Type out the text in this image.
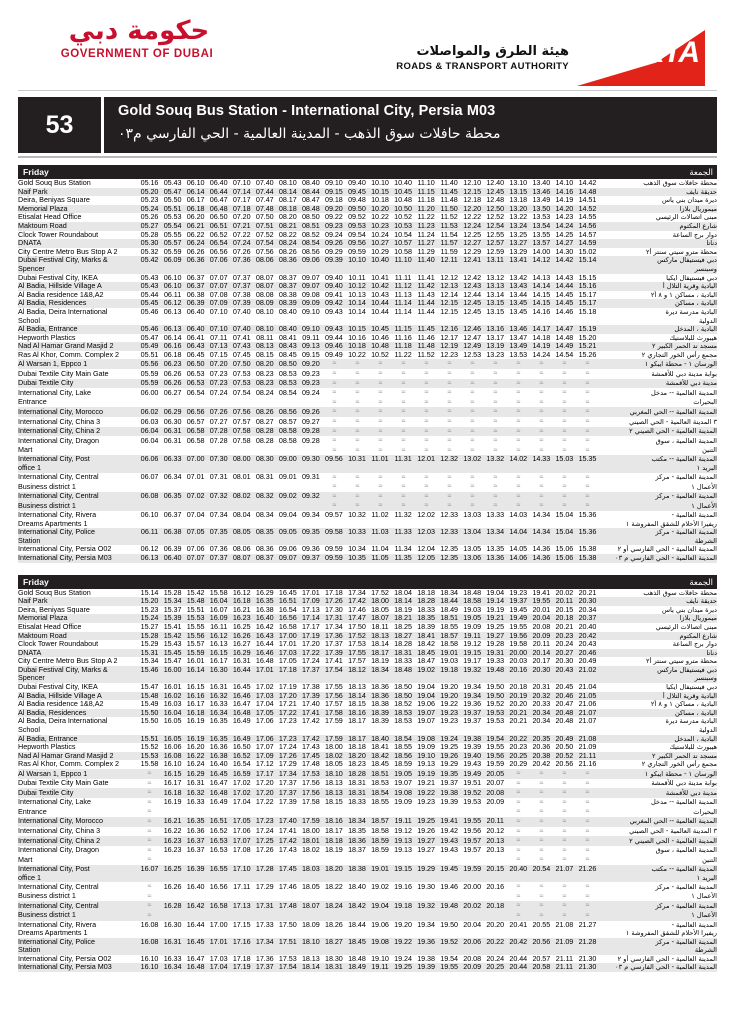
حكومة دبي
GOVERNMENT OF DUBAI	هيئة الطرق والمواصلات
ROADS & TRANSPORT AUTHORITY RTA
53	Gold Souq Bus Station - International City, Persia M03
محطة حافلات سوق الذهب - المدينة العالمية - الحي الفارسي م٠٣
Friday	الجمعة
Gold Souq Bus Station	05.16	05.43	06.10	06.40	07.10	07.40	08.10	08.40	09.10	09.40	10.10	10.40	11.10	11.40	12.10	12.40	13.10	13.40	14.10	14.42	محطة حافلات سوق الذهب
Naif Park	05.20	05.47	06.14	06.44	07.14	07.44	08.14	08.44	09.15	09.45	10.15	10.45	11.15	11.45	12.15	12.45	13.15	13.46	14.16	14.48	حديقة نايف
Deira, Beniyas Square	05.23	05.50	06.17	06.47	07.17	07.47	08.17	08.47	09.18	09.48	10.18	10.48	11.18	11.48	12.18	12.48	13.18	13.49	14.19	14.51	ديرة ميدان بني ياس
Memorial Plaza	05.24	05.51	06.18	06.48	07.18	07.48	08.18	08.48	09.20	09.50	10.20	10.50	11.20	11.50	12.20	12.50	13.20	13.50	14.20	14.52	ميموريال بلازا
Etisalat Head Office	05.26	05.53	06.20	06.50	07.20	07.50	08.20	08.50	09.22	09.52	10.22	10.52	11.22	11.52	12.22	12.52	13.22	13.53	14.23	14.55	مبنى اتصالات الرئيسي
Maktoum Road	05.27	05.54	06.21	06.51	07.21	07.51	08.21	08.51	09.23	09.53	10.23	10.53	11.23	11.53	12.24	12.54	13.24	13.54	14.24	14.56	شارع المكتوم
Clock Tower Roundabout	05.28	05.55	06.22	06.52	07.22	07.52	08.22	08.52	09.24	09.54	10.24	10.54	11.24	11.54	12.25	12.55	13.25	13.55	14.25	14.57	دوار برج الساعة
DNATA	05.30	05.57	06.24	06.54	07.24	07.54	08.24	08.54	09.26	09.56	10.27	10.57	11.27	11.57	12.27	12.57	13.27	13.57	14.27	14.59	دناتا
City Centre Metro Bus Stop A 2	05.32	05.59	06.26	06.56	07.26	07.56	08.26	08.56	09.29	09.59	10.29	10.58	11.29	11.59	12.29	12.59	13.29	14.00	14.30	15.02	محطة مترو سيتي سنتر أ٢
Dubai Festival City, Marks &	05.42	06.09	06.36	07.06	07.36	08.06	08.36	09.06	09.39	10.10	10.40	11.10	11.40	12.11	12.41	13.11	13.41	14.12	14.42	15.14	دبي فيستيفال ماركس
Spencer																					وسبنسر
Dubai Festival City, IKEA	05.43	06.10	06.37	07.07	07.37	08.07	08.37	09.07	09.40	10.11	10.41	11.11	11.41	12.12	12.42	13.12	13.42	14.13	14.43	15.15	دبي فيستيفال ايكيا
Al Badia, Hillside Village A	05.43	06.10	06.37	07.07	07.37	08.07	08.37	09.07	09.40	10.12	10.42	11.12	11.42	12.13	12.43	13.13	13.43	14.14	14.44	15.16	البادية وقرية التلال أ
Al Badia residence 1&8,A2	05.44	06.11	06.38	07.08	07.38	08.08	08.38	09.08	09.41	10.13	10.43	11.13	11.43	12.14	12.44	13.14	13.44	14.15	14.45	15.17	البادية ، مساكن ١ و ٨ أ٢
Al Badia, Residences	05.45	06.12	06.39	07.09	07.39	08.09	08.39	09.09	09.42	10.14	10.44	11.14	11.44	12.15	12.45	13.15	13.45	14.15	14.45	15.17	البادية ، مساكن
Al Badia, Deira International	05.46	06.13	06.40	07.10	07.40	08.10	08.40	09.10	09.43	10.14	10.44	11.14	11.44	12.15	12.45	13.15	13.45	14.16	14.46	15.18	البادية مدرسة ديرة
School																					الدولية
Al Badia, Entrance	05.46	06.13	06.40	07.10	07.40	08.10	08.40	09.10	09.43	10.15	10.45	11.15	11.45	12.16	12.46	13.16	13.46	14.17	14.47	15.19	البادية ، المدخل
Hepworth Plastics	05.47	06.14	06.41	07.11	07.41	08.11	08.41	09.11	09.44	10.16	10.46	11.16	11.46	12.17	12.47	13.17	13.47	14.18	14.48	15.20	هيبورث للبلاستيك
Nad Al Hamar Grand Masjid 2	05.49	06.16	06.43	07.13	07.43	08.13	08.43	09.13	09.46	10.18	10.48	11.18	11.48	12.19	12.49	13.19	13.49	14.19	14.49	15.21	مسجد ند الحمر الكبير ٢
Ras Al Khor, Comm. Complex 2	05.51	06.18	06.45	07.15	07.45	08.15	08.45	09.15	09.49	10.22	10.52	11.22	11.52	12.23	12.53	13.23	13.53	14.24	14.54	15.26	مجمع رأس الخور التجاري ٢
Al Warsan 1, Eppco 1	05.56	06.23	06.50	07.20	07.50	08.20	08.50	09.20	≈≈	≈≈	≈≈	≈≈	≈≈	≈≈	≈≈	≈≈	≈≈	≈≈	≈≈	≈≈	الورسان ١ - محطة ايبكو ١
Dubai Textile City Main Gate	05.59	06.26	06.53	07.23	07.53	08.23	08.53	09.23	≈≈	≈≈	≈≈	≈≈	≈≈	≈≈	≈≈	≈≈	≈≈	≈≈	≈≈	≈≈	بوابة مدينة دبي للأقمشة
Dubai Textile City	05.59	06.26	06.53	07.23	07.53	08.23	08.53	09.23	≈≈	≈≈	≈≈	≈≈	≈≈	≈≈	≈≈	≈≈	≈≈	≈≈	≈≈	≈≈	مدينة دبي للأقمشة
International City, Lake	06.00	06.27	06.54	07.24	07.54	08.24	08.54	09.24	≈≈	≈≈	≈≈	≈≈	≈≈	≈≈	≈≈	≈≈	≈≈	≈≈	≈≈	≈≈	المدينة العالمية -- مدخل
Entrance									≈≈	≈≈	≈≈	≈≈	≈≈	≈≈	≈≈	≈≈	≈≈	≈≈	≈≈	≈≈	البحيرات
International City, Morocco	06.02	06.29	06.56	07.26	07.56	08.26	08.56	09.26	≈≈	≈≈	≈≈	≈≈	≈≈	≈≈	≈≈	≈≈	≈≈	≈≈	≈≈	≈≈	المدينة العالمية -- الحي المغربي
International City, China 3	06.03	06.30	06.57	07.27	07.57	08.27	08.57	09.27	≈≈	≈≈	≈≈	≈≈	≈≈	≈≈	≈≈	≈≈	≈≈	≈≈	≈≈	≈≈	٣ المدينة العالمية - الحي الصيني
International City, China 2	06.04	06.31	06.58	07.28	07.58	08.28	08.58	09.28	≈≈	≈≈	≈≈	≈≈	≈≈	≈≈	≈≈	≈≈	≈≈	≈≈	≈≈	≈≈	المدينة العالمية - الحي الصيني ٢
International City, Dragon	06.04	06.31	06.58	07.28	07.58	08.28	08.58	09.28	≈≈	≈≈	≈≈	≈≈	≈≈	≈≈	≈≈	≈≈	≈≈	≈≈	≈≈	≈≈	المدينة العالمية ، سوق
Mart									≈≈	≈≈	≈≈	≈≈	≈≈	≈≈	≈≈	≈≈	≈≈	≈≈	≈≈	≈≈	التنين
International City, Post	06.06	06.33	07.00	07.30	08.00	08.30	09.00	09.30	09.56	10.31	11.01	11.31	12.01	12.32	13.02	13.32	14.02	14.33	15.03	15.35	المدينة العالمية -- مكتب
office 1																					البريد ١
International City, Central	06.07	06.34	07.01	07.31	08.01	08.31	09.01	09.31	≈≈	≈≈	≈≈	≈≈	≈≈	≈≈	≈≈	≈≈	≈≈	≈≈	≈≈	≈≈	المدينة العالمية - مركز
Business district 1									≈≈	≈≈	≈≈	≈≈	≈≈	≈≈	≈≈	≈≈	≈≈	≈≈	≈≈	≈≈	الأعمال ١
International City, Central	06.08	06.35	07.02	07.32	08.02	08.32	09.02	09.32	≈≈	≈≈	≈≈	≈≈	≈≈	≈≈	≈≈	≈≈	≈≈	≈≈	≈≈	≈≈	المدينة العالمية - مركز
Business district 1									≈≈	≈≈	≈≈	≈≈	≈≈	≈≈	≈≈	≈≈	≈≈	≈≈	≈≈	≈≈	الأعمال ١
International City, Rivera	06.10	06.37	07.04	07.34	08.04	08.34	09.04	09.34	09.57	10.32	11.02	11.32	12.02	12.33	13.03	13.33	14.03	14.34	15.04	15.36	المدينة العالمية -
Dreams Apartments 1																					ريفيرا الأحلام للشقق المفروشة ١
International City, Police	06.11	06.38	07.05	07.35	08.05	08.35	09.05	09.35	09.58	10.33	11.03	11.33	12.03	12.33	13.04	13.34	14.04	14.34	15.04	15.36	المدينة العالمية - مركز
Station																					الشرطة
International City, Persia O02	06.12	06.39	07.06	07.36	08.06	08.36	09.06	09.36	09.59	10.34	11.04	11.34	12.04	12.35	13.05	13.35	14.05	14.36	15.06	15.38	المدينة العالمية - الحي الفارسي أو ٢
International City, Persia M03	06.13	06.40	07.07	07.37	08.07	08.37	09.07	09.37	09.59	10.35	11.05	11.35	12.05	12.35	13.06	13.36	14.06	14.36	15.06	15.38	المدينة العالمية - الحي الفارسي م ٠٣
Friday	الجمعة
Gold Souq Bus Station	15.14	15.28	15.42	15.58	16.12	16.29	16.45	17.01	17.18	17.34	17.52	18.04	18.18	18.34	18.48	19.04	19.23	19.41	20.02	20.21	محطة حافلات سوق الذهب
Naif Park	15.20	15.34	15.48	16.04	16.18	16.35	16.51	17.09	17.26	17.42	18.00	18.14	18.28	18.44	18.58	19.14	19.37	19.55	20.11	20.30	حديقة نايف
Deira, Beniyas Square	15.23	15.37	15.51	16.07	16.21	16.38	16.54	17.13	17.30	17.46	18.05	18.19	18.33	18.49	19.03	19.19	19.45	20.01	20.15	20.34	ديرة ميدان بني ياس
Memorial Plaza	15.24	15.39	15.53	16.09	16.23	16.40	16.56	17.14	17.31	17.47	18.07	18.21	18.35	18.51	19.05	19.21	19.49	20.04	20.18	20.37	ميموريال بلازا
Etisalat Head Office	15.27	15.41	15.55	16.11	16.25	16.42	16.58	17.17	17.34	17.50	18.11	18.25	18.39	18.55	19.09	19.25	19.55	20.08	20.21	20.40	مبنى اتصالات الرئيسي
Maktoum Road	15.28	15.42	15.56	16.12	16.26	16.43	17.00	17.19	17.36	17.52	18.13	18.27	18.41	18.57	19.11	19.27	19.56	20.09	20.23	20.42	شارع المكتوم
Clock Tower Roundabout	15.29	15.43	15.57	16.13	16.27	16.44	17.01	17.20	17.37	17.53	18.14	18.28	18.42	18.58	19.12	19.28	19.58	20.11	20.24	20.43	دوار برج الساعة
DNATA	15.31	15.45	15.59	16.15	16.29	16.46	17.03	17.22	17.39	17.55	18.17	18.31	18.45	19.01	19.15	19.31	20.00	20.14	20.27	20.46	دناتا
City Centre Metro Bus Stop A 2	15.34	15.47	16.01	16.17	16.31	16.48	17.05	17.24	17.41	17.57	18.19	18.33	18.47	19.03	19.17	19.33	20.03	20.17	20.30	20.49	محطة مترو سيتي سنتر أ٢
Dubai Festival City, Marks &	15.46	16.00	16.14	16.30	16.44	17.01	17.18	17.37	17.54	18.12	18.34	18.48	19.02	19.18	19.32	19.48	20.16	20.30	20.43	21.02	دبي فيستيفال ماركس
Spencer																					وسبنسر
Dubai Festival City, IKEA	15.47	16.01	16.15	16.31	16.45	17.02	17.19	17.38	17.55	18.13	18.36	18.50	19.04	19.20	19.34	19.50	20.18	20.31	20.45	21.04	دبي فيستيفال ايكيا
Al Badia, Hillside Village A	15.48	16.02	16.16	16.32	16.46	17.03	17.20	17.39	17.56	18.14	18.36	18.50	19.04	19.20	19.34	19.50	20.19	20.32	20.46	21.05	البادية وقرية التلال أ
Al Badia residence 1&8,A2	15.49	16.03	16.17	16.33	16.47	17.04	17.21	17.40	17.57	18.15	18.38	18.52	19.06	19.22	19.36	19.52	20.20	20.33	20.47	21.06	البادية ، مساكن ١ و ٨ أ٢
Al Badia, Residences	15.50	16.04	16.18	16.34	16.48	17.05	17.22	17.41	17.58	18.16	18.39	18.53	19.07	19.23	19.37	19.53	20.21	20.34	20.48	21.07	البادية ، مساكن
Al Badia, Deira International	15.50	16.05	16.19	16.35	16.49	17.06	17.23	17.42	17.59	18.17	18.39	18.53	19.07	19.23	19.37	19.53	20.21	20.34	20.48	21.07	البادية مدرسة ديرة
School																					الدولية
Al Badia, Entrance	15.51	16.05	16.19	16.35	16.49	17.06	17.23	17.42	17.59	18.17	18.40	18.54	19.08	19.24	19.38	19.54	20.22	20.35	20.49	21.08	البادية ، المدخل
Hepworth Plastics	15.52	16.06	16.20	16.36	16.50	17.07	17.24	17.43	18.00	18.18	18.41	18.55	19.09	19.25	19.39	19.55	20.23	20.36	20.50	21.09	هيبورث للبلاستيك
Nad Al Hamar Grand Masjid 2	15.53	16.08	16.22	16.38	16.52	17.09	17.26	17.45	18.02	18.20	18.42	18.56	19.10	19.26	19.40	19.56	20.25	20.38	20.52	21.11	مسجد ند الحمر الكبير ٢
Ras Al Khor, Comm. Complex 2	15.58	16.10	16.24	16.40	16.54	17.12	17.29	17.48	18.05	18.23	18.45	18.59	19.13	19.29	19.43	19.59	20.29	20.42	20.56	21.16	مجمع رأس الخور التجاري ٢
Al Warsan 1, Eppco 1	≈≈	16.15	16.29	16.45	16.59	17.17	17.34	17.53	18.10	18.28	18.51	19.05	19.19	19.35	19.49	20.05	≈≈	≈≈	≈≈	≈≈	الورسان ١ - محطة ايبكو ١
Dubai Textile City Main Gate	≈≈	16.17	16.31	16.47	17.02	17.20	17.37	17.56	18.13	18.31	18.53	19.07	19.21	19.37	19.51	20.07	≈≈	≈≈	≈≈	≈≈	بوابة مدينة دبي للأقمشة
Dubai Textile City	≈≈	16.18	16.32	16.48	17.02	17.20	17.37	17.56	18.13	18.31	18.54	19.08	19.22	19.38	19.52	20.08	≈≈	≈≈	≈≈	≈≈	مدينة دبي للأقمشة
International City, Lake	≈≈	16.19	16.33	16.49	17.04	17.22	17.39	17.58	18.15	18.33	18.55	19.09	19.23	19.39	19.53	20.09	≈≈	≈≈	≈≈	≈≈	المدينة العالمية -- مدخل
Entrance	≈≈																≈≈	≈≈	≈≈	≈≈	البحيرات
International City, Morocco	≈≈	16.21	16.35	16.51	17.05	17.23	17.40	17.59	18.16	18.34	18.57	19.11	19.25	19.41	19.55	20.11	≈≈	≈≈	≈≈	≈≈	المدينة العالمية -- الحي المغربي
International City, China 3	≈≈	16.22	16.36	16.52	17.06	17.24	17.41	18.00	18.17	18.35	18.58	19.12	19.26	19.42	19.56	20.12	≈≈	≈≈	≈≈	≈≈	٣ المدينة العالمية - الحي الصيني
International City, China 2	≈≈	16.23	16.37	16.53	17.07	17.25	17.42	18.01	18.18	18.36	18.59	19.13	19.27	19.43	19.57	20.13	≈≈	≈≈	≈≈	≈≈	المدينة العالمية - الحي الصيني ٢
International City, Dragon	≈≈	16.23	16.37	16.53	17.08	17.26	17.43	18.02	18.19	18.37	18.59	19.13	19.27	19.43	19.57	20.13	≈≈	≈≈	≈≈	≈≈	المدينة العالمية ، سوق
Mart	≈≈																≈≈	≈≈	≈≈	≈≈	التنين
International City, Post	16.07	16.25	16.39	16.55	17.10	17.28	17.45	18.03	18.20	18.38	19.01	19.15	19.29	19.45	19.59	20.15	20.40	20.54	21.07	21.26	المدينة العالمية -- مكتب
office 1																					البريد ١
International City, Central	≈≈	16.26	16.40	16.56	17.11	17.29	17.46	18.05	18.22	18.40	19.02	19.16	19.30	19.46	20.00	20.16	≈≈	≈≈	≈≈	≈≈	المدينة العالمية - مركز
Business district 1	≈≈																≈≈	≈≈	≈≈	≈≈	الأعمال ١
International City, Central	≈≈	16.28	16.42	16.58	17.13	17.31	17.48	18.07	18.24	18.42	19.04	19.18	19.32	19.48	20.02	20.18	≈≈	≈≈	≈≈	≈≈	المدينة العالمية - مركز
Business district 1	≈≈																≈≈	≈≈	≈≈	≈≈	الأعمال ١
International City, Rivera	16.08	16.30	16.44	17.00	17.15	17.33	17.50	18.09	18.26	18.44	19.06	19.20	19.34	19.50	20.04	20.20	20.41	20.55	21.08	21.27	المدينة العالمية -
Dreams Apartments 1																					ريفيرا الأحلام للشقق المفروشة ١
International City, Police	16.08	16.31	16.45	17.01	17.16	17.34	17.51	18.10	18.27	18.45	19.08	19.22	19.36	19.52	20.06	20.22	20.42	20.56	21.09	21.28	المدينة العالمية - مركز
Station																					الشرطة
International City, Persia O02	16.10	16.33	16.47	17.03	17.18	17.36	17.53	18.13	18.30	18.48	19.10	19.24	19.38	19.54	20.08	20.24	20.44	20.57	21.11	21.30	المدينة العالمية - الحي الفارسي أو ٢
International City, Persia M03	16.10	16.34	16.48	17.04	17.19	17.37	17.54	18.14	18.31	18.49	19.11	19.25	19.39	19.55	20.09	20.25	20.44	20.58	21.11	21.30	المدينة العالمية - الحي الفارسي م ٠٣
